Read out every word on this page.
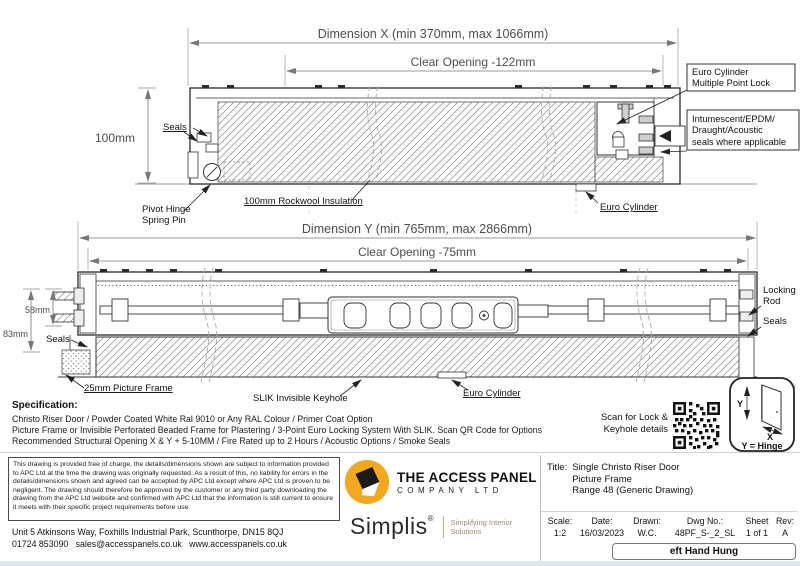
Dimension X (min 370mm, max 1066mm)
Clear Opening -122mm
100mm
Seals
Pivot Hinge
Spring Pin
100mm Rockwool Insulation
Euro Cylinder
Euro Cylinder
Multiple Point Lock
Intumescent/EPDM/
Draught/Acoustic
seals where applicable
Dimension Y (min 765mm, max 2866mm)
Clear Opening -75mm
58mm
83mm Seals
25mm Picture Frame
SLIK Invisible Keyhole	Euro Cylinder
Locking
Rod
Seals
Scan for Lock &
Keyhole details
Y
X
Y = Hinge
Specification:
Christo Riser Door / Powder Coated White Ral 9010 or Any RAL Colour / Primer Coat Option
Picture Frame or Invisible Perforated Beaded Frame for Plastering / 3-Point Euro Locking System With SLIK. Scan QR Code for Options
Recommended Structural Opening X & Y + 5-10MM / Fire Rated up to 2 Hours / Acoustic Options / Smoke Seals
This drawing is provided free of charge, the details/dimensions shown are subject to information provided to APC Ltd at the time the drawing was originally requested. As a result of this, no liability for errors in the details/dimensions shown and agreed can be accepted by APC Ltd except where APC Ltd is proven to be negligent. The drawing should therefore be approved by the customer or any third party downloading the drawing from the APC Ltd website and confirmed with APC Ltd that the information is still current to ensure it meets with their specific project requirements before use.
Unit 5 Atkinsons Way, Foxhills Industrial Park, Scunthorpe, DN15 8QJ
01724 853090   sales@accesspanels.co.uk   www.accesspanels.co.uk
THE ACCESS PANEL
COMPANY LTD
Simplis ® Simplifying Interior
Solutions
Title: Single Christo Riser Door
Picture Frame
Range 48 (Generic Drawing)
Scale:
1:2
Date:
16/03/2023
Drawn:
W.C.
Dwg No.:
48PF_S-_2_SL
Sheet
1 of 1
Rev:
A
eft Hand Hung
